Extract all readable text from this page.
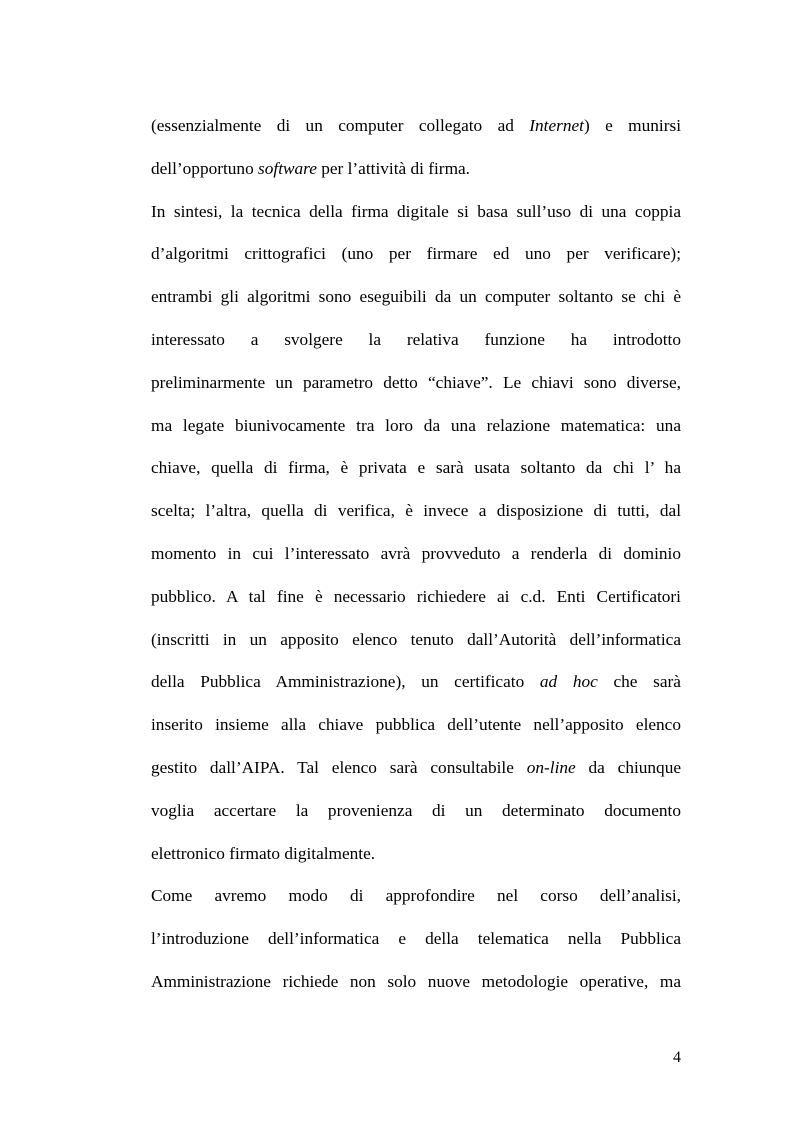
(essenzialmente di un computer collegato ad Internet) e munirsi
dell’opportuno software per l’attività di firma.
In sintesi, la tecnica della firma digitale si basa sull’uso di una coppia
d’algoritmi crittografici (uno per firmare ed uno per verificare);
entrambi gli algoritmi sono eseguibili da un computer soltanto se chi è
interessato a svolgere la relativa funzione ha introdotto
preliminarmente un parametro detto “chiave”. Le chiavi sono diverse,
ma legate biunivocamente tra loro da una relazione matematica: una
chiave, quella di firma, è privata e sarà usata soltanto da chi l’ ha
scelta; l’altra, quella di verifica, è invece a disposizione di tutti, dal
momento in cui l’interessato avrà provveduto a renderla di dominio
pubblico. A tal fine è necessario richiedere ai c.d. Enti Certificatori
(inscritti in un apposito elenco tenuto dall’Autorità dell’informatica
della Pubblica Amministrazione), un certificato ad hoc che sarà
inserito insieme alla chiave pubblica dell’utente nell’apposito elenco
gestito dall’AIPA. Tal elenco sarà consultabile on-line da chiunque
voglia accertare la provenienza di un determinato documento
elettronico firmato digitalmente.
Come avremo modo di approfondire nel corso dell’analisi,
l’introduzione dell’informatica e della telematica nella Pubblica
Amministrazione richiede non solo nuove metodologie operative, ma
4
